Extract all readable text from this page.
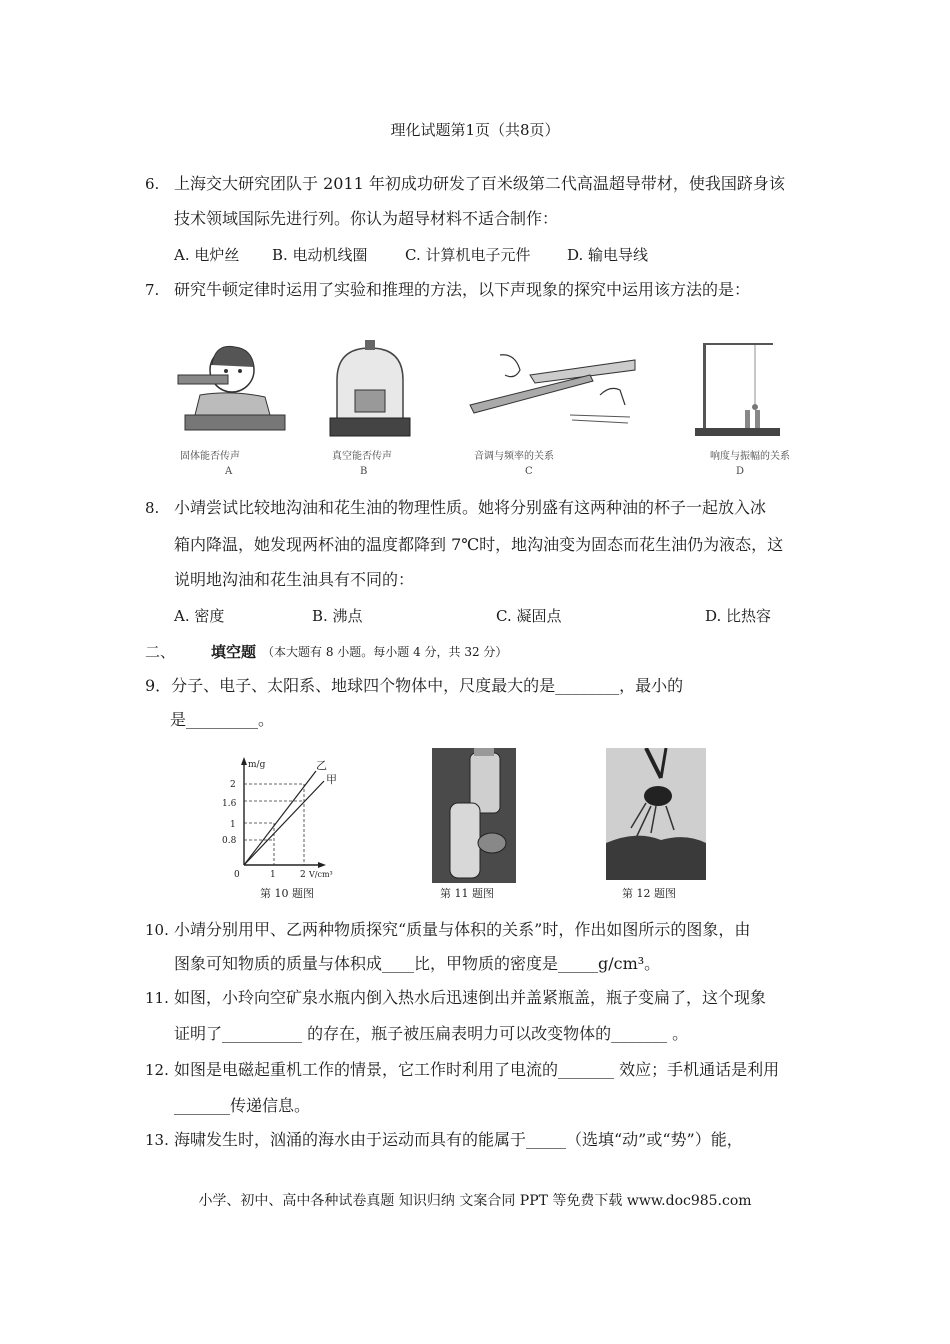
理化试题第1页（共8页）
6. 上海交大研究团队于 2011 年初成功研发了百米级第二代高温超导带材，使我国跻身该
技术领域国际先进行列。你认为超导材料不适合制作：
A. 电炉丝 B. 电动机线圈 C. 计算机电子元件 D. 输电导线
7. 研究牛顿定律时运用了实验和推理的方法，以下声现象的探究中运用该方法的是：
固体能否传声
A
真空能否传声
B
音调与频率的关系
C
响度与振幅的关系
D
8. 小靖尝试比较地沟油和花生油的物理性质。她将分别盛有这两种油的杯子一起放入冰
箱内降温，她发现两杯油的温度都降到 7℃时，地沟油变为固态而花生油仍为液态，这
说明地沟油和花生油具有不同的：
A. 密度	B. 沸点	C. 凝固点	D. 比热容
二、 填空题 （本大题有 8 小题。每小题 4 分，共 32 分）
9．分子、电子、太阳系、地球四个物体中，尺度最大的是________，最小的
是_________。
m/g
V/cm³
2
1.6
1
0.8
0	1	2
乙
甲
第 10 题图	第 11 题图	第 12 题图
10. 小靖分别用甲、乙两种物质探究“质量与体积的关系”时，作出如图所示的图象，由
图象可知物质的质量与体积成____比，甲物质的密度是_____g/cm³。
11. 如图，小玲向空矿泉水瓶内倒入热水后迅速倒出并盖紧瓶盖，瓶子变扁了，这个现象
证明了__________ 的存在，瓶子被压扁表明力可以改变物体的_______ 。
12. 如图是电磁起重机工作的情景，它工作时利用了电流的_______ 效应；手机通话是利用
_______传递信息。
13. 海啸发生时，汹涌的海水由于运动而具有的能属于_____（选填“动”或“势”）能，
小学、初中、高中各种试卷真题 知识归纳 文案合同 PPT 等免费下载 www.doc985.com
